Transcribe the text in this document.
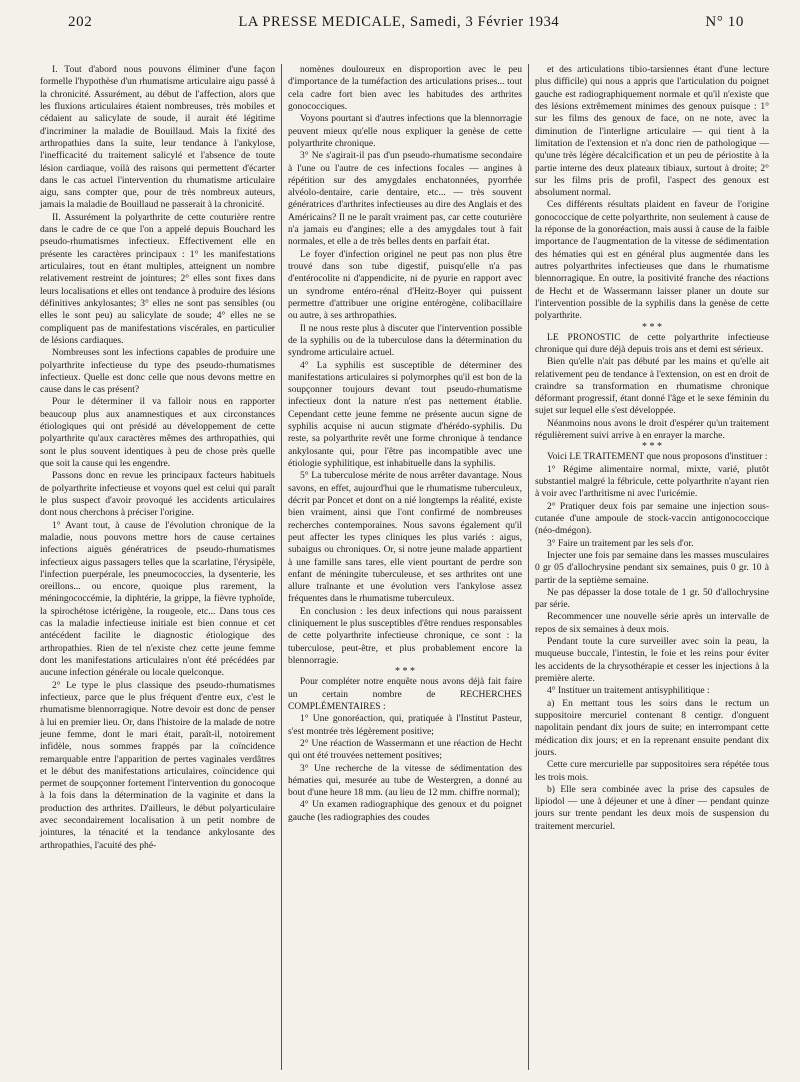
202	LA PRESSE MEDICALE, Samedi, 3 Février 1934	N° 10

I. Tout d'abord nous pouvons éliminer d'une façon formelle l'hypothèse d'un rhumatisme articulaire aigu passé à la chronicité. Assurément, au début de l'affection, alors que les fluxions articulaires étaient nombreuses, très mobiles et cédaient au salicylate de soude, il aurait été légitime d'incriminer la maladie de Bouillaud. Mais la fixité des arthropathies dans la suite, leur tendance à l'ankylose, l'inefficacité du traitement salicylé et l'absence de toute lésion cardiaque, voilà des raisons qui permettent d'écarter dans le cas actuel l'intervention du rhumatisme articulaire aigu, sans compter que, pour de très nombreux auteurs, jamais la maladie de Bouillaud ne passerait à la chronicité.

II. Assurément la polyarthrite de cette couturière rentre dans le cadre de ce que l'on a appelé depuis Bouchard les pseudo-rhumatismes infectieux. Effectivement elle en présente les caractères principaux : 1° les manifestations articulaires, tout en étant multiples, atteignent un nombre relativement restreint de jointures; 2° elles sont fixes dans leurs localisations et elles ont tendance à produire des lésions définitives ankylosantes; 3° elles ne sont pas sensibles (ou elles le sont peu) au salicylate de soude; 4° elles ne se compliquent pas de manifestations viscérales, en particulier de lésions cardiaques.

Nombreuses sont les infections capables de produire une polyarthrite infectieuse du type des pseudo-rhumatismes infectieux. Quelle est donc celle que nous devons mettre en cause dans le cas présent?

Pour le déterminer il va falloir nous en rapporter beaucoup plus aux anamnestiques et aux circonstances étiologiques qui ont présidé au développement de cette polyarthrite qu'aux caractères mêmes des arthropathies, qui sont le plus souvent identiques à peu de chose près quelle que soit la cause qui les engendre.

Passons donc en revue les principaux facteurs habituels de polyarthrite infectieuse et voyons quel est celui qui paraît le plus suspect d'avoir provoqué les accidents articulaires dont nous cherchons à préciser l'origine.

1° Avant tout, à cause de l'évolution chronique de la maladie, nous pouvons mettre hors de cause certaines infections aiguës génératrices de pseudo-rhumatismes infectieux aigus passagers telles que la scarlatine, l'érysipèle, l'infection puerpérale, les pneumococcies, la dysenterie, les oreillons... ou encore, quoique plus rarement, la méningococcémie, la diphtérie, la grippe, la fièvre typhoïde, la spirochétose ictérigène, la rougeole, etc... Dans tous ces cas la maladie infectieuse initiale est bien connue et cet antécédent facilite le diagnostic étiologique des arthropathies. Rien de tel n'existe chez cette jeune femme dont les manifestations articulaires n'ont été précédées par aucune infection générale ou locale quelconque.

2° Le type le plus classique des pseudo-rhumatismes infectieux, parce que le plus fréquent d'entre eux, c'est le rhumatisme blennorragique. Notre devoir est donc de penser à lui en premier lieu. Or, dans l'histoire de la malade de notre jeune femme, dont le mari était, paraît-il, notoirement infidèle, nous sommes frappés par la coïncidence remarquable entre l'apparition de pertes vaginales verdâtres et le début des manifestations articulaires, coïncidence qui permet de soupçonner fortement l'intervention du gonocoque à la fois dans la détermination de la vaginite et dans la production des arthrites. D'ailleurs, le début polyarticulaire avec secondairement localisation à un petit nombre de jointures, la ténacité et la tendance ankylosante des arthropathies, l'acuité des phé-

nomènes douloureux en disproportion avec le peu d'importance de la tuméfaction des articulations prises... tout cela cadre fort bien avec les habitudes des arthrites gonococciques.

Voyons pourtant si d'autres infections que la blennorragie peuvent mieux qu'elle nous expliquer la genèse de cette polyarthrite chronique.

3° Ne s'agirait-il pas d'un pseudo-rhumatisme secondaire à l'une ou l'autre de ces infections focales — angines à répétition sur des amygdales enchatonnées, pyorrhée alvéolo-dentaire, carie dentaire, etc... — très souvent génératrices d'arthrites infectieuses au dire des Anglais et des Américains? Il ne le paraît vraiment pas, car cette couturière n'a jamais eu d'angines; elle a des amygdales tout à fait normales, et elle a de très belles dents en parfait état.

Le foyer d'infection originel ne peut pas non plus être trouvé dans son tube digestif, puisqu'elle n'a pas d'entérocolite ni d'appendicite, ni de pyurie en rapport avec un syndrome entéro-rénal d'Heitz-Boyer qui puissent permettre d'attribuer une origine entérogène, colibacillaire ou autre, à ses arthropathies.

Il ne nous reste plus à discuter que l'intervention possible de la syphilis ou de la tuberculose dans la détermination du syndrome articulaire actuel.

4° La syphilis est susceptible de déterminer des manifestations articulaires si polymorphes qu'il est bon de la soupçonner toujours devant tout pseudo-rhumatisme infectieux dont la nature n'est pas nettement établie. Cependant cette jeune femme ne présente aucun signe de syphilis acquise ni aucun stigmate d'hérédo-syphilis. Du reste, sa polyarthrite revêt une forme chronique à tendance ankylosante qui, pour l'être pas incompatible avec une étiologie syphilitique, est inhabituelle dans la syphilis.

5° La tuberculose mérite de nous arrêter davantage. Nous savons, en effet, aujourd'hui que le rhumatisme tuberculeux, décrit par Poncet et dont on a nié longtemps la réalité, existe bien vraiment, ainsi que l'ont confirmé de nombreuses recherches contemporaines. Nous savons également qu'il peut affecter les types cliniques les plus variés : aigus, subaigus ou chroniques. Or, si notre jeune malade appartient à une famille sans tares, elle vient pourtant de perdre son enfant de méningite tuberculeuse, et ses arthrites ont une allure traînante et une évolution vers l'ankylose assez fréquentes dans le rhumatisme tuberculeux.

En conclusion : les deux infections qui nous paraissent cliniquement le plus susceptibles d'être rendues responsables de cette polyarthrite infectieuse chronique, ce sont : la tuberculose, peut-être, et plus probablement encore la blennorragie.

* * *

Pour compléter notre enquête nous avons déjà fait faire un certain nombre de RECHERCHES COMPLÉMENTAIRES :

1° Une gonoréaction, qui, pratiquée à l'Institut Pasteur, s'est montrée très légèrement positive;

2° Une réaction de Wassermann et une réaction de Hecht qui ont été trouvées nettement positives;

3° Une recherche de la vitesse de sédimentation des hématies qui, mesurée au tube de Westergren, a donné au bout d'une heure 18 mm. (au lieu de 12 mm. chiffre normal);

4° Un examen radiographique des genoux et du poignet gauche (les radiographies des coudes

et des articulations tibio-tarsiennes étant d'une lecture plus difficile) qui nous a appris que l'articulation du poignet gauche est radiographiquement normale et qu'il n'existe que des lésions extrêmement minimes des genoux puisque : 1° sur les films des genoux de face, on ne note, avec la diminution de l'interligne articulaire — qui tient à la limitation de l'extension et n'a donc rien de pathologique — qu'une très légère décalcification et un peu de périostite à la partie interne des deux plateaux tibiaux, surtout à droite; 2° sur les films pris de profil, l'aspect des genoux est absolument normal.

Ces différents résultats plaident en faveur de l'origine gonococcique de cette polyarthrite, non seulement à cause de la réponse de la gonoréaction, mais aussi à cause de la faible importance de l'augmentation de la vitesse de sédimentation des hématies qui est en général plus augmentée dans les autres polyarthrites infectieuses que dans le rhumatisme blennorragique. En outre, la positivité franche des réactions de Hecht et de Wassermann laisser planer un doute sur l'intervention possible de la syphilis dans la genèse de cette polyarthrite.

* * *

LE PRONOSTIC de cette polyarthrite infectieuse chronique qui dure déjà depuis trois ans et demi est sérieux.

Bien qu'elle n'ait pas débuté par les mains et qu'elle ait relativement peu de tendance à l'extension, on est en droit de craindre sa transformation en rhumatisme chronique déformant progressif, étant donné l'âge et le sexe féminin du sujet sur lequel elle s'est développée.

Néanmoins nous avons le droit d'espérer qu'un traitement régulièrement suivi arrive à en enrayer la marche.

* * *

Voici LE TRAITEMENT que nous proposons d'instituer :

1° Régime alimentaire normal, mixte, varié, plutôt substantiel malgré la fébricule, cette polyarthrite n'ayant rien à voir avec l'arthritisme ni avec l'uricémie.

2° Pratiquer deux fois par semaine une injection sous-cutanée d'une ampoule de stock-vaccin antigonococcique (néo-dmégon).

3° Faire un traitement par les sels d'or.

Injecter une fois par semaine dans les masses musculaires 0 gr 05 d'allochrysine pendant six semaines, puis 0 gr. 10 à partir de la septième semaine.

Ne pas dépasser la dose totale de 1 gr. 50 d'allochrysine par série.

Recommencer une nouvelle série après un intervalle de repos de six semaines à deux mois.

Pendant toute la cure surveiller avec soin la peau, la muqueuse buccale, l'intestin, le foie et les reins pour éviter les accidents de la chrysothérapie et cesser les injections à la première alerte.

4° Instituer un traitement antisyphilitique :

a) En mettant tous les soirs dans le rectum un suppositoire mercuriel contenant 8 centigr. d'onguent napolitain pendant dix jours de suite; en interrompant cette médication dix jours; et en la reprenant ensuite pendant dix jours.

Cette cure mercurielle par suppositoires sera répétée tous les trois mois.

b) Elle sera combinée avec la prise des capsules de lipiodol — une à déjeuner et une à dîner — pendant quinze jours sur trente pendant les deux mois de suspension du traitement mercuriel.
